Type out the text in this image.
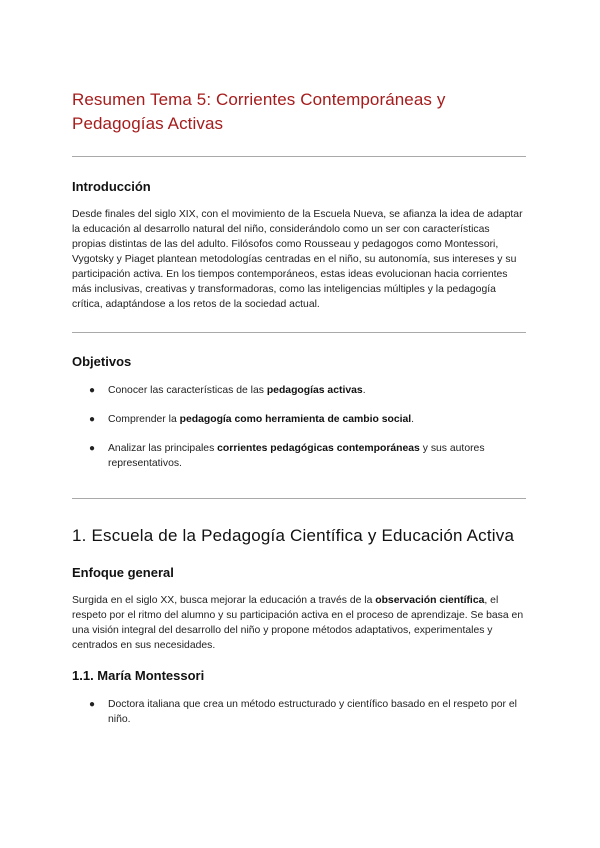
Resumen Tema 5: Corrientes Contemporáneas y Pedagogías Activas
Introducción

Desde finales del siglo XIX, con el movimiento de la Escuela Nueva, se afianza la idea de adaptar la educación al desarrollo natural del niño, considerándolo como un ser con características propias distintas de las del adulto. Filósofos como Rousseau y pedagogos como Montessori, Vygotsky y Piaget plantean metodologías centradas en el niño, su autonomía, sus intereses y su participación activa. En los tiempos contemporáneos, estas ideas evolucionan hacia corrientes más inclusivas, creativas y transformadoras, como las inteligencias múltiples y la pedagogía crítica, adaptándose a los retos de la sociedad actual.

Objetivos
● Conocer las características de las pedagogías activas.
● Comprender la pedagogía como herramienta de cambio social.
● Analizar las principales corrientes pedagógicas contemporáneas y sus autores representativos.
1. Escuela de la Pedagogía Científica y Educación Activa
Enfoque general

Surgida en el siglo XX, busca mejorar la educación a través de la observación científica, el respeto por el ritmo del alumno y su participación activa en el proceso de aprendizaje. Se basa en una visión integral del desarrollo del niño y propone métodos adaptativos, experimentales y centrados en sus necesidades.

1.1. María Montessori
● Doctora italiana que crea un método estructurado y científico basado en el respeto por el niño.
